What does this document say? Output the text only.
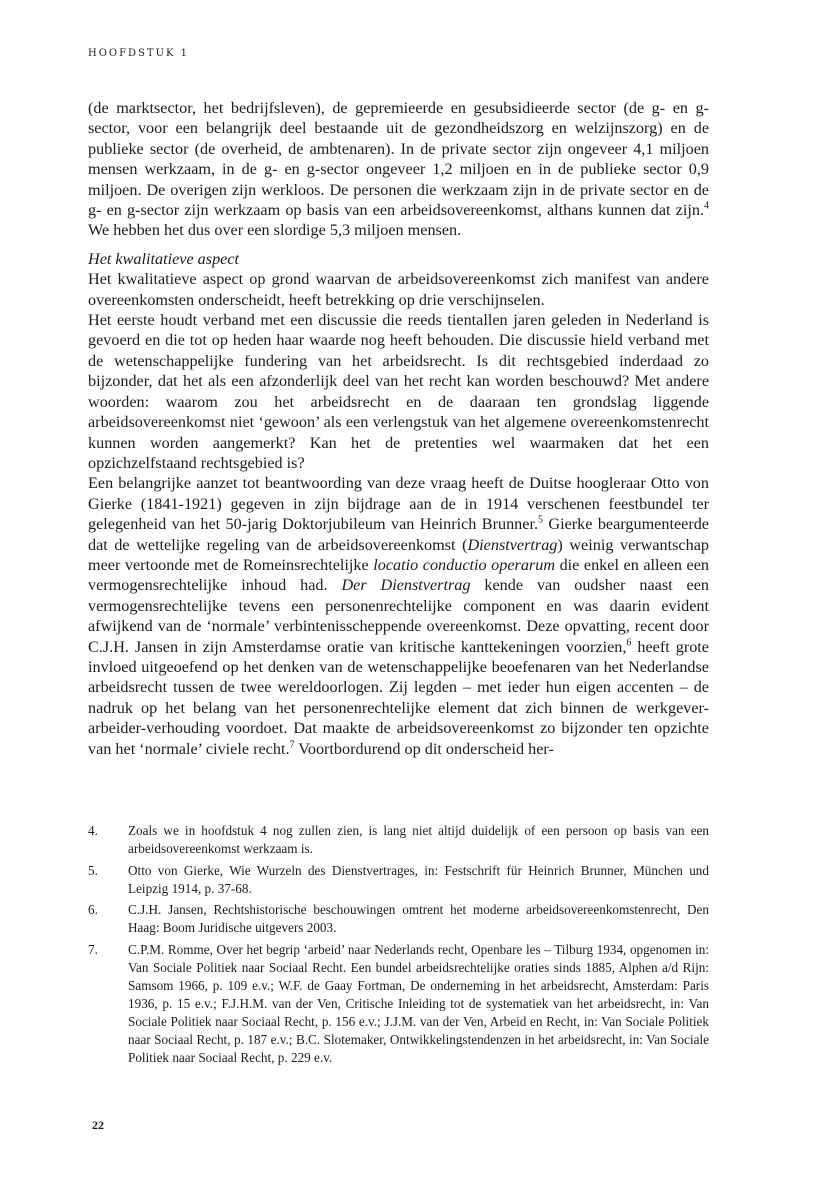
HOOFDSTUK 1

(de marktsector, het bedrijfsleven), de gepremieerde en gesubsidieerde sector (de g- en g-sector, voor een belangrijk deel bestaande uit de gezondheidszorg en welzijnszorg) en de publieke sector (de overheid, de ambtenaren). In de private sector zijn ongeveer 4,1 miljoen mensen werkzaam, in de g- en g-sector ongeveer 1,2 miljoen en in de publieke sector 0,9 miljoen. De overigen zijn werkloos. De personen die werkzaam zijn in de private sector en de g- en g-sector zijn werkzaam op basis van een arbeidsovereenkomst, althans kunnen dat zijn.$^4$ We hebben het dus over een slordige 5,3 miljoen mensen.

Het kwalitatieve aspect

Het kwalitatieve aspect op grond waarvan de arbeidsovereenkomst zich manifest van andere overeenkomsten onderscheidt, heeft betrekking op drie verschijnselen.

Het eerste houdt verband met een discussie die reeds tientallen jaren geleden in Nederland is gevoerd en die tot op heden haar waarde nog heeft behouden. Die discussie hield verband met de wetenschappelijke fundering van het arbeidsrecht. Is dit rechtsgebied inderdaad zo bijzonder, dat het als een afzonderlijk deel van het recht kan worden beschouwd? Met andere woorden: waarom zou het arbeidsrecht en de daaraan ten grondslag liggende arbeidsovereenkomst niet ‘gewoon’ als een verlengstuk van het algemene overeenkomstenrecht kunnen worden aangemerkt? Kan het de pretenties wel waarmaken dat het een opzichzelfstaand rechtsgebied is?

Een belangrijke aanzet tot beantwoording van deze vraag heeft de Duitse hoogleraar Otto von Gierke (1841-1921) gegeven in zijn bijdrage aan de in 1914 verschenen feestbundel ter gelegenheid van het 50-jarig Doktorjubileum van Heinrich Brunner.$^5$ Gierke beargumenteerde dat de wettelijke regeling van de arbeidsovereenkomst (Dienstvertrag) weinig verwantschap meer vertoonde met de Romeinsrechtelijke locatio conductio operarum die enkel en alleen een vermogensrechtelijke inhoud had. Der Dienstvertrag kende van oudsher naast een vermogensrechtelijke tevens een personenrechtelijke component en was daarin evident afwijkend van de ‘normale’ verbintenisscheppende overeenkomst. Deze opvatting, recent door C.J.H. Jansen in zijn Amsterdamse oratie van kritische kanttekeningen voorzien,$^6$ heeft grote invloed uitgeoefend op het denken van de wetenschappelijke beoefenaren van het Nederlandse arbeidsrecht tussen de twee wereldoorlogen. Zij legden – met ieder hun eigen accenten – de nadruk op het belang van het personenrechtelijke element dat zich binnen de werkgever-arbeider-verhouding voordoet. Dat maakte de arbeidsovereenkomst zo bijzonder ten opzichte van het ‘normale’ civiele recht.$^7$ Voortbordurend op dit onderscheid her-

4.	Zoals we in hoofdstuk 4 nog zullen zien, is lang niet altijd duidelijk of een persoon op basis van een arbeidsovereenkomst werkzaam is.
5.	Otto von Gierke, Wie Wurzeln des Dienstvertrages, in: Festschrift für Heinrich Brunner, München und Leipzig 1914, p. 37-68.
6.	C.J.H. Jansen, Rechtshistorische beschouwingen omtrent het moderne arbeidsovereenkomstenrecht, Den Haag: Boom Juridische uitgevers 2003.
7.	C.P.M. Romme, Over het begrip ‘arbeid’ naar Nederlands recht, Openbare les – Tilburg 1934, opgenomen in: Van Sociale Politiek naar Sociaal Recht. Een bundel arbeidsrechtelijke oraties sinds 1885, Alphen a/d Rijn: Samsom 1966, p. 109 e.v.; W.F. de Gaay Fortman, De onderneming in het arbeidsrecht, Amsterdam: Paris 1936, p. 15 e.v.; F.J.H.M. van der Ven, Critische Inleiding tot de systematiek van het arbeidsrecht, in: Van Sociale Politiek naar Sociaal Recht, p. 156 e.v.; J.J.M. van der Ven, Arbeid en Recht, in: Van Sociale Politiek naar Sociaal Recht, p. 187 e.v.; B.C. Slotemaker, Ontwikkelingstendenzen in het arbeidsrecht, in: Van Sociale Politiek naar Sociaal Recht, p. 229 e.v.
22
